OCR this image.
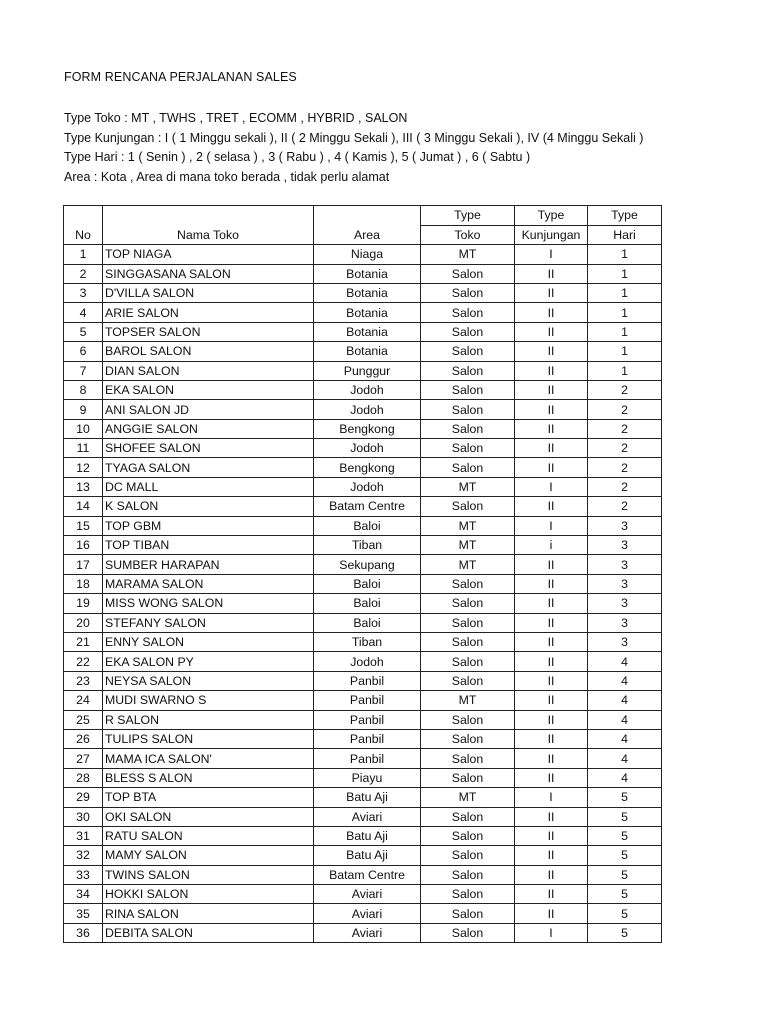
FORM RENCANA PERJALANAN SALES
Type Toko : MT , TWHS , TRET , ECOMM , HYBRID , SALON
Type Kunjungan : I ( 1 Minggu sekali ), II ( 2 Minggu Sekali ), III ( 3 Minggu Sekali ), IV (4 Minggu Sekali )
Type Hari : 1 ( Senin ) , 2 ( selasa ) , 3 ( Rabu ) , 4 ( Kamis ), 5 ( Jumat ) , 6 ( Sabtu )
Area : Kota , Area di mana toko berada , tidak perlu alamat
			Type	Type	Type
No	Nama Toko	Area	Toko	Kunjungan	Hari
1	TOP NIAGA	Niaga	MT	I	1
2	SINGGASANA SALON	Botania	Salon	II	1
3	D'VILLA SALON	Botania	Salon	II	1
4	ARIE SALON	Botania	Salon	II	1
5	TOPSER SALON	Botania	Salon	II	1
6	BAROL SALON	Botania	Salon	II	1
7	DIAN SALON	Punggur	Salon	II	1
8	EKA SALON	Jodoh	Salon	II	2
9	ANI SALON JD	Jodoh	Salon	II	2
10	ANGGIE SALON	Bengkong	Salon	II	2
11	SHOFEE SALON	Jodoh	Salon	II	2
12	TYAGA SALON	Bengkong	Salon	II	2
13	DC MALL	Jodoh	MT	I	2
14	K SALON	Batam Centre	Salon	II	2
15	TOP GBM	Baloi	MT	I	3
16	TOP TIBAN	Tiban	MT	i	3
17	SUMBER HARAPAN	Sekupang	MT	II	3
18	MARAMA SALON	Baloi	Salon	II	3
19	MISS WONG SALON	Baloi	Salon	II	3
20	STEFANY SALON	Baloi	Salon	II	3
21	ENNY SALON	Tiban	Salon	II	3
22	EKA SALON PY	Jodoh	Salon	II	4
23	NEYSA SALON	Panbil	Salon	II	4
24	MUDI SWARNO S	Panbil	MT	II	4
25	R SALON	Panbil	Salon	II	4
26	TULIPS SALON	Panbil	Salon	II	4
27	MAMA ICA SALON'	Panbil	Salon	II	4
28	BLESS S ALON	Piayu	Salon	II	4
29	TOP BTA	Batu Aji	MT	I	5
30	OKI SALON	Aviari	Salon	II	5
31	RATU SALON	Batu Aji	Salon	II	5
32	MAMY SALON	Batu Aji	Salon	II	5
33	TWINS SALON	Batam Centre	Salon	II	5
34	HOKKI SALON	Aviari	Salon	II	5
35	RINA SALON	Aviari	Salon	II	5
36	DEBITA SALON	Aviari	Salon	I	5
